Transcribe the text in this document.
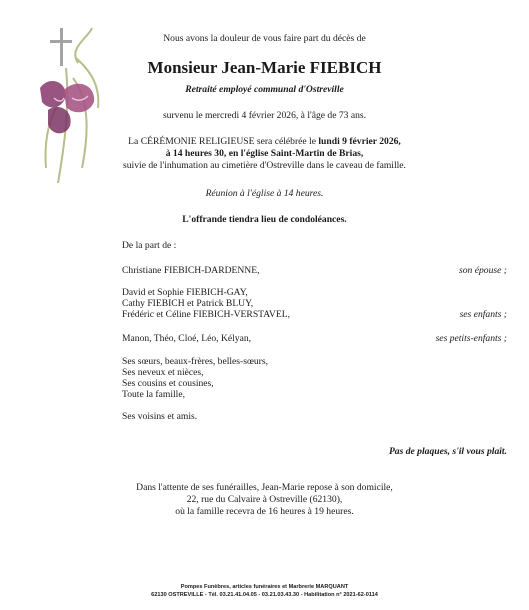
Nous avons la douleur de vous faire part du décès de
Monsieur Jean-Marie FIEBICH
Retraité employé communal d'Ostreville
survenu le mercredi 4 février 2026, à l'âge de 73 ans.
La CÉRÉMONIE RELIGIEUSE sera célébrée le lundi 9 février 2026,
à 14 heures 30, en l'église Saint-Martin de Brias,
suivie de l'inhumation au cimetière d'Ostreville dans le caveau de famille.
Réunion à l'église à 14 heures.
L'offrande tiendra lieu de condoléances.
De la part de :
Christiane FIEBICH-DARDENNE,	son épouse ;
David et Sophie FIEBICH-GAY,
Cathy FIEBICH et Patrick BLUY,
Frédéric et Céline FIEBICH-VERSTAVEL,	ses enfants ;
Manon, Théo, Cloé, Léo, Kélyan,	ses petits-enfants ;
Ses sœurs, beaux-frères, belles-sœurs,
Ses neveux et nièces,
Ses cousins et cousines,
Toute la famille,
Ses voisins et amis.
Pas de plaques, s'il vous plaît.
Dans l'attente de ses funérailles, Jean-Marie repose à son domicile,
22, rue du Calvaire à Ostreville (62130),
où la famille recevra de 16 heures à 19 heures.
Pompes Funèbres, articles funéraires et Marbrerie MARQUANT
62130 OSTREVILLE - Tél. 03.21.41.04.05 - 03.21.03.43.30 - Habilitation n° 2021-62-0114
